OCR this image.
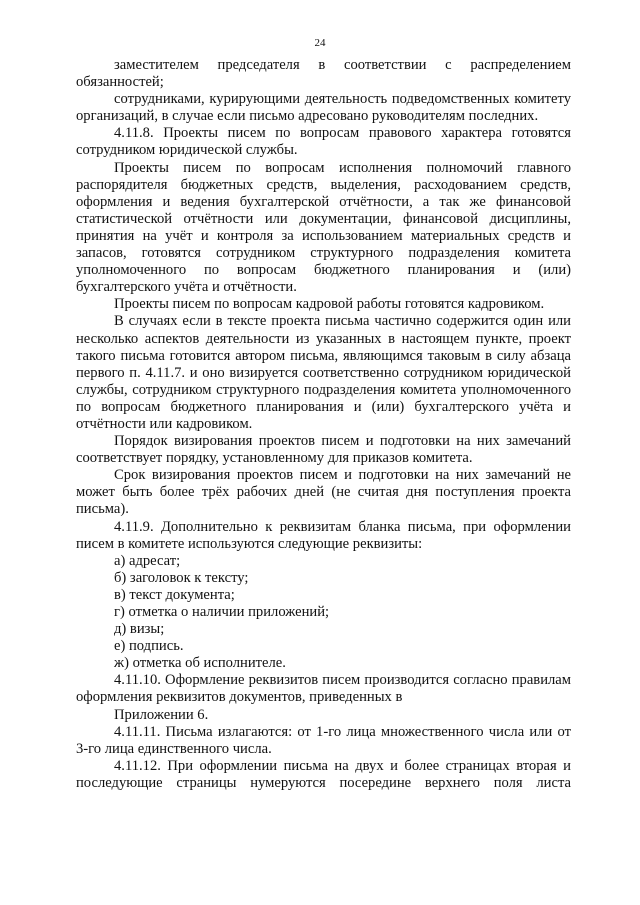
24

заместителем председателя в соответствии с распределением обязанностей;

сотрудниками, курирующими деятельность подведомственных комитету организаций, в случае если письмо адресовано руководителям последних.

4.11.8. Проекты писем по вопросам правового характера готовятся сотрудником юридической службы.

Проекты писем по вопросам исполнения полномочий главного распорядителя бюджетных средств, выделения, расходованием средств, оформления и ведения бухгалтерской отчётности, а так же финансовой статистической отчётности или документации, финансовой дисциплины, принятия на учёт и контроля за использованием материальных средств и запасов, готовятся сотрудником структурного подразделения комитета уполномоченного по вопросам бюджетного планирования и (или) бухгалтерского учёта и отчётности.

Проекты писем по вопросам кадровой работы готовятся кадровиком.

В случаях если в тексте проекта письма частично содержится один или несколько аспектов деятельности из указанных в настоящем пункте, проект такого письма готовится автором письма, являющимся таковым в силу абзаца первого п. 4.11.7. и оно визируется соответственно сотрудником юридической службы, сотрудником структурного подразделения комитета уполномоченного по вопросам бюджетного планирования и (или) бухгалтерского учёта и отчётности или кадровиком.

Порядок визирования проектов писем и подготовки на них замечаний соответствует порядку, установленному для приказов комитета.

Срок визирования проектов писем и подготовки на них замечаний не может быть более трёх рабочих дней (не считая дня поступления проекта письма).

4.11.9. Дополнительно к реквизитам бланка письма, при оформлении писем в комитете используются следующие реквизиты:

а) адресат;

б) заголовок к тексту;

в) текст документа;

г) отметка о наличии приложений;

д) визы;

е) подпись.

ж) отметка об исполнителе.

4.11.10. Оформление реквизитов писем производится согласно правилам оформления реквизитов документов, приведенных в

Приложении 6.

4.11.11. Письма излагаются: от 1-го лица множественного числа или от 3-го лица единственного числа.

4.11.12. При оформлении письма на двух и более страницах вторая и последующие страницы нумеруются посередине верхнего поля листа
